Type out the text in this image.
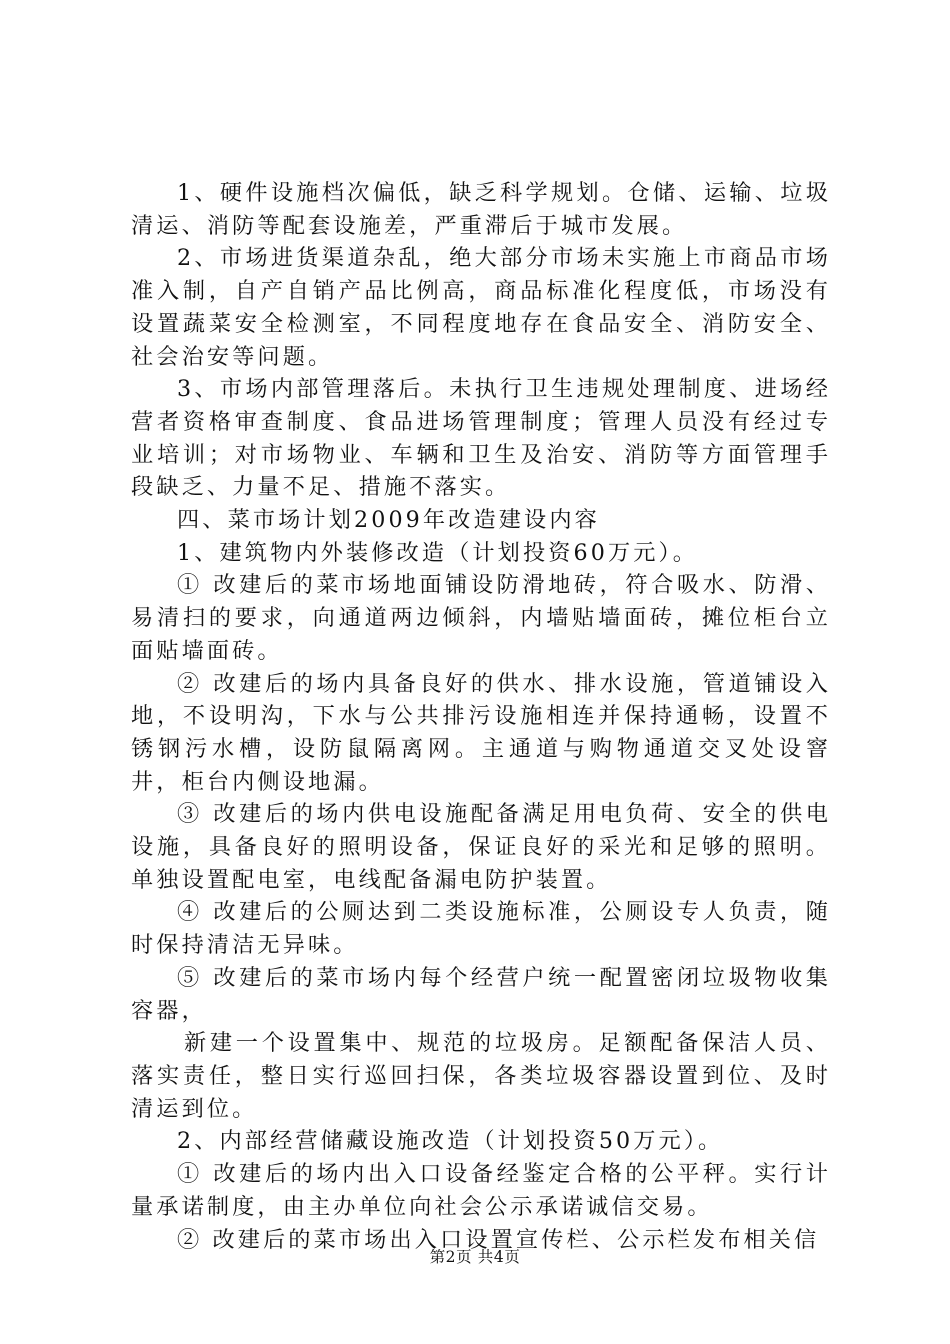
1、硬件设施档次偏低，缺乏科学规划。仓储、运输、垃圾清运、消防等配套设施差，严重滞后于城市发展。

2、市场进货渠道杂乱，绝大部分市场未实施上市商品市场准入制，自产自销产品比例高，商品标准化程度低，市场没有设置蔬菜安全检测室，不同程度地存在食品安全、消防安全、社会治安等问题。

3、市场内部管理落后。未执行卫生违规处理制度、进场经营者资格审查制度、食品进场管理制度；管理人员没有经过专业培训；对市场物业、车辆和卫生及治安、消防等方面管理手段缺乏、力量不足、措施不落实。

四、菜市场计划2009年改造建设内容

1、建筑物内外装修改造（计划投资60万元）。

① 改建后的菜市场地面铺设防滑地砖，符合吸水、防滑、易清扫的要求，向通道两边倾斜，内墙贴墙面砖，摊位柜台立面贴墙面砖。

② 改建后的场内具备良好的供水、排水设施，管道铺设入地，不设明沟，下水与公共排污设施相连并保持通畅，设置不锈钢污水槽，设防鼠隔离网。主通道与购物通道交叉处设窨井，柜台内侧设地漏。

③ 改建后的场内供电设施配备满足用电负荷、安全的供电设施，具备良好的照明设备，保证良好的采光和足够的照明。单独设置配电室，电线配备漏电防护装置。

④ 改建后的公厕达到二类设施标准，公厕设专人负责，随时保持清洁无异味。

⑤ 改建后的菜市场内每个经营户统一配置密闭垃圾物收集容器，

新建一个设置集中、规范的垃圾房。足额配备保洁人员、落实责任，整日实行巡回扫保，各类垃圾容器设置到位、及时清运到位。

2、内部经营储藏设施改造（计划投资50万元）。

① 改建后的场内出入口设备经鉴定合格的公平秤。实行计量承诺制度，由主办单位向社会公示承诺诚信交易。

② 改建后的菜市场出入口设置宣传栏、公示栏发布相关信

第2页 共4页
